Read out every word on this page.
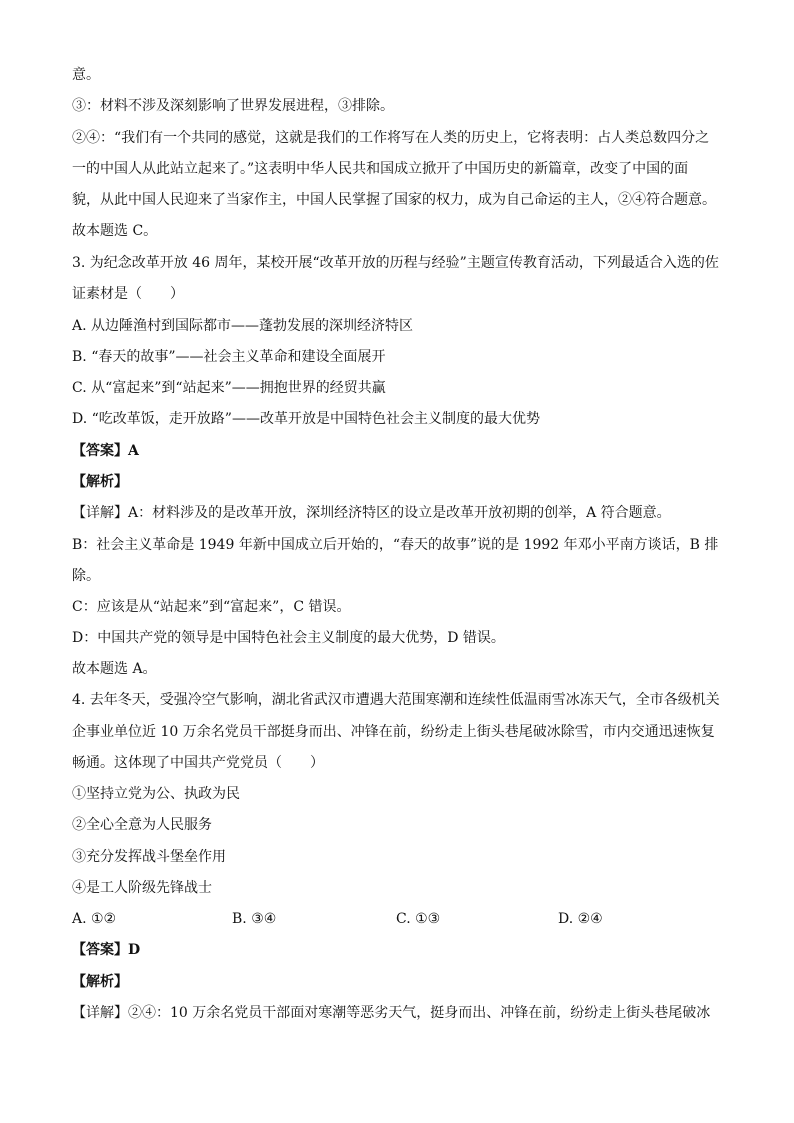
意。
③：材料不涉及深刻影响了世界发展进程，③排除。
②④：“我们有一个共同的感觉，这就是我们的工作将写在人类的历史上，它将表明：占人类总数四分之
一的中国人从此站立起来了。”这表明中华人民共和国成立掀开了中国历史的新篇章，改变了中国的面
貌，从此中国人民迎来了当家作主，中国人民掌握了国家的权力，成为自己命运的主人，②④符合题意。
故本题选 C。
3. 为纪念改革开放 46 周年，某校开展“改革开放的历程与经验”主题宣传教育活动，下列最适合入选的佐
证素材是（　　）
A. 从边陲渔村到国际都市——蓬勃发展的深圳经济特区
B. “春天的故事”——社会主义革命和建设全面展开
C. 从“富起来”到“站起来”——拥抱世界的经贸共赢
D. “吃改革饭，走开放路”——改革开放是中国特色社会主义制度的最大优势
【答案】A
【解析】
【详解】A：材料涉及的是改革开放，深圳经济特区的设立是改革开放初期的创举，A 符合题意。
B：社会主义革命是 1949 年新中国成立后开始的，“春天的故事”说的是 1992 年邓小平南方谈话，B 排
除。
C：应该是从“站起来”到“富起来”，C 错误。
D：中国共产党的领导是中国特色社会主义制度的最大优势，D 错误。
故本题选 A。
4. 去年冬天，受强冷空气影响，湖北省武汉市遭遇大范围寒潮和连续性低温雨雪冰冻天气，全市各级机关
企事业单位近 10 万余名党员干部挺身而出、冲锋在前，纷纷走上街头巷尾破冰除雪，市内交通迅速恢复
畅通。这体现了中国共产党党员（　　）
①坚持立党为公、执政为民
②全心全意为人民服务
③充分发挥战斗堡垒作用
④是工人阶级先锋战士
A. ①②	B. ③④	C. ①③	D. ②④
【答案】D
【解析】
【详解】②④：10 万余名党员干部面对寒潮等恶劣天气，挺身而出、冲锋在前，纷纷走上街头巷尾破冰
